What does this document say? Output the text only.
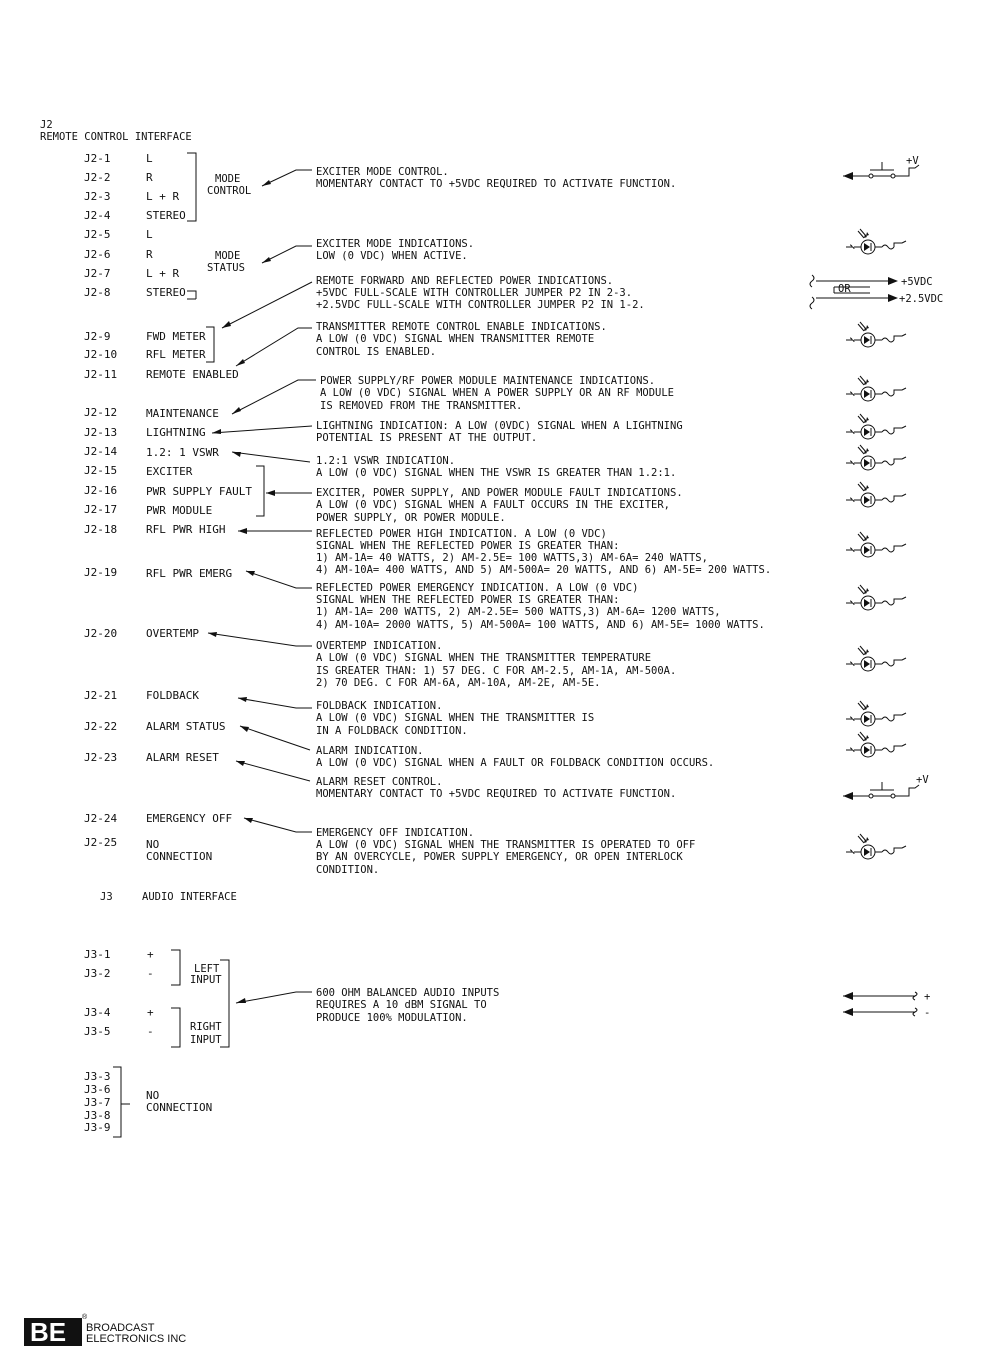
J2
REMOTE CONTROL INTERFACE
J2-1	L
J2-2	R
J2-3	L + R
J2-4	STEREO
J2-5	L
J2-6	R
J2-7	L + R
J2-8	STEREO
J2-9	FWD METER
J2-10	RFL METER
J2-11	REMOTE ENABLED
J2-12	MAINTENANCE
J2-13	LIGHTNING
J2-14	1.2: 1 VSWR
J2-15	EXCITER
J2-16	PWR SUPPLY FAULT
J2-17	PWR MODULE
J2-18	RFL PWR HIGH
J2-19	RFL PWR EMERG
J2-20	OVERTEMP
J2-21	FOLDBACK
J2-22	ALARM STATUS
J2-23	ALARM RESET
J2-24	EMERGENCY OFF
J2-25	NO
CONNECTION
MODE
CONTROL
MODE
STATUS
EXCITER MODE CONTROL.
MOMENTARY CONTACT TO +5VDC REQUIRED TO ACTIVATE FUNCTION.
EXCITER MODE INDICATIONS.
LOW (0 VDC) WHEN ACTIVE.
REMOTE FORWARD AND REFLECTED POWER INDICATIONS.
+5VDC FULL-SCALE WITH CONTROLLER JUMPER P2 IN 2-3.
+2.5VDC FULL-SCALE WITH CONTROLLER JUMPER P2 IN 1-2.
TRANSMITTER REMOTE CONTROL ENABLE INDICATIONS.
A LOW (0 VDC) SIGNAL WHEN TRANSMITTER REMOTE
CONTROL IS ENABLED.
POWER SUPPLY/RF POWER MODULE MAINTENANCE INDICATIONS.
A LOW (0 VDC) SIGNAL WHEN A POWER SUPPLY OR AN RF MODULE
IS REMOVED FROM THE TRANSMITTER.
LIGHTNING INDICATION: A LOW (0VDC) SIGNAL WHEN A LIGHTNING
POTENTIAL IS PRESENT AT THE OUTPUT.
1.2:1 VSWR INDICATION.
A LOW (0 VDC) SIGNAL WHEN THE VSWR IS GREATER THAN 1.2:1.
EXCITER, POWER SUPPLY, AND POWER MODULE FAULT INDICATIONS.
A LOW (0 VDC) SIGNAL WHEN A FAULT OCCURS IN THE EXCITER,
POWER SUPPLY, OR POWER MODULE.
REFLECTED POWER HIGH INDICATION. A LOW (0 VDC)
SIGNAL WHEN THE REFLECTED POWER IS GREATER THAN:
1) AM-1A= 40 WATTS, 2) AM-2.5E= 100 WATTS,3) AM-6A= 240 WATTS,
4) AM-10A= 400 WATTS, AND 5) AM-500A= 20 WATTS, AND 6) AM-5E= 200 WATTS.
REFLECTED POWER EMERGENCY INDICATION. A LOW (0 VDC)
SIGNAL WHEN THE REFLECTED POWER IS GREATER THAN:
1) AM-1A= 200 WATTS, 2) AM-2.5E= 500 WATTS,3) AM-6A= 1200 WATTS,
4) AM-10A= 2000 WATTS, 5) AM-500A= 100 WATTS, AND 6) AM-5E= 1000 WATTS.
OVERTEMP INDICATION.
A LOW (0 VDC) SIGNAL WHEN THE TRANSMITTER TEMPERATURE
IS GREATER THAN: 1) 57 DEG. C FOR AM-2.5, AM-1A, AM-500A.
2) 70 DEG. C FOR AM-6A, AM-10A, AM-2E, AM-5E.
FOLDBACK INDICATION.
A LOW (0 VDC) SIGNAL WHEN THE TRANSMITTER IS
IN A FOLDBACK CONDITION.
ALARM INDICATION.
A LOW (0 VDC) SIGNAL WHEN A FAULT OR FOLDBACK CONDITION OCCURS.
ALARM RESET CONTROL.
MOMENTARY CONTACT TO +5VDC REQUIRED TO ACTIVATE FUNCTION.
EMERGENCY OFF INDICATION.
A LOW (0 VDC) SIGNAL WHEN THE TRANSMITTER IS OPERATED TO OFF
BY AN OVERCYCLE, POWER SUPPLY EMERGENCY, OR OPEN INTERLOCK
CONDITION.
+V
+V
OR
+5VDC
+2.5VDC
J3	AUDIO INTERFACE
J3-1	+
J3-2	-
J3-4	+
J3-5	-
LEFT
INPUT
RIGHT
INPUT
600 OHM BALANCED AUDIO INPUTS
REQUIRES A 10 dBM SIGNAL TO
PRODUCE 100% MODULATION.
+
-
J3-3
J3-6
J3-7
J3-8
J3-9
NO
CONNECTION
BE ®
BROADCAST
ELECTRONICS INC
